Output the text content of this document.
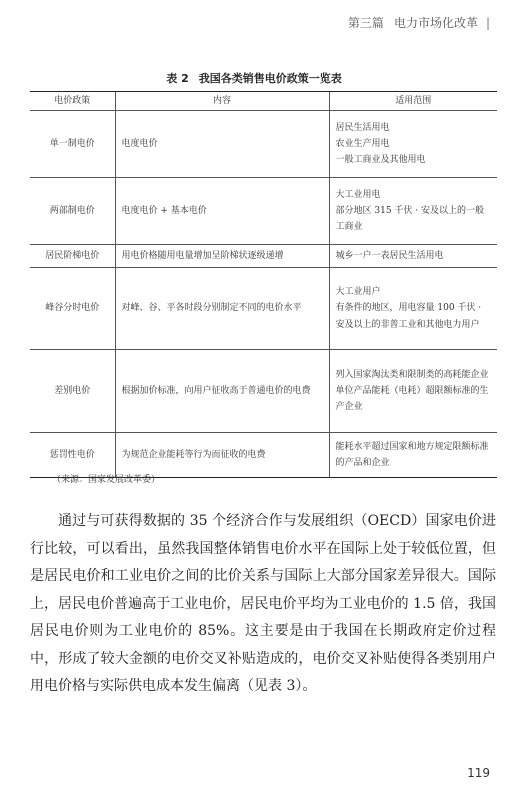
第三篇 电力市场化改革 |
表 2 我国各类销售电价政策一览表
电价政策	内容	适用范围
单一制电价	电度电价	居民生活用电
农业生产用电
一般工商业及其他用电

两部制电价	电度电价 + 基本电价	大工业用电
部分地区 315 千伏 · 安及以上的一般工商业

居民阶梯电价	用电价格随用电量增加呈阶梯状逐级递增	城乡一户一表居民生活用电

峰谷分时电价	对峰、谷、平各时段分别制定不同的电价水平	大工业用户
有条件的地区，用电容量 100 千伏 · 安及以上的非普工业和其他电力用户

差别电价	根据加价标准，向用户征收高于普通电价的电费	列入国家淘汰类和限制类的高耗能企业
单位产品能耗（电耗）超限额标准的生产企业

惩罚性电价	为规范企业能耗等行为而征收的电费	能耗水平超过国家和地方规定限额标准的产品和企业
（来源：国家发展改革委）

通过与可获得数据的 35 个经济合作与发展组织（OECD）国家电价进行比较，可以看出，虽然我国整体销售电价水平在国际上处于较低位置，但是居民电价和工业电价之间的比价关系与国际上大部分国家差异很大。国际上，居民电价普遍高于工业电价，居民电价平均为工业电价的 1.5 倍，我国居民电价则为工业电价的 85%。这主要是由于我国在长期政府定价过程中，形成了较大金额的电价交叉补贴造成的，电价交叉补贴使得各类别用户用电价格与实际供电成本发生偏离（见表 3）。

119
